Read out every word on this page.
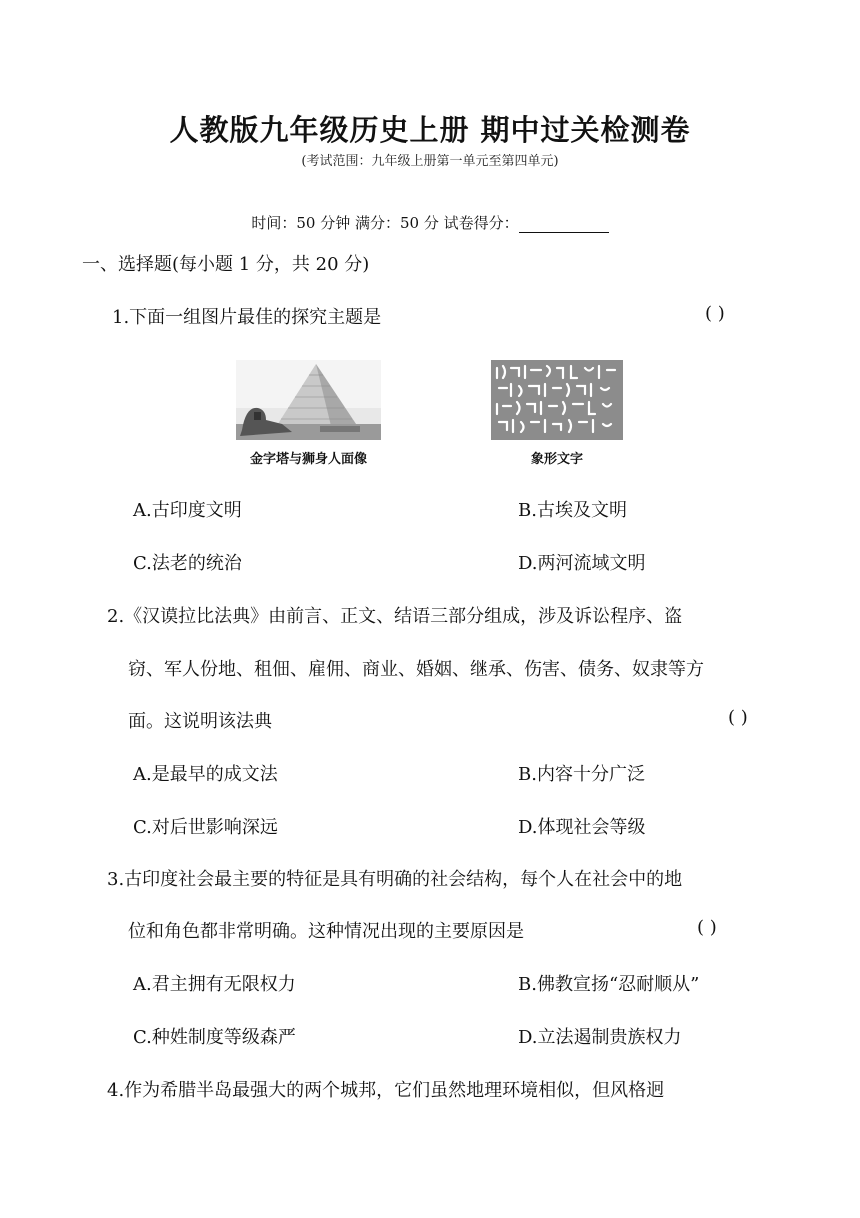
人教版九年级历史上册 期中过关检测卷
(考试范围：九年级上册第一单元至第四单元)
时间：50 分钟 满分：50 分 试卷得分：
一、选择题(每小题 1 分，共 20 分)
1.下面一组图片最佳的探究主题是	( )
金字塔与狮身人面像	象形文字
A.古印度文明	B.古埃及文明
C.法老的统治	D.两河流域文明
2.《汉谟拉比法典》由前言、正文、结语三部分组成，涉及诉讼程序、盗
窃、军人份地、租佃、雇佣、商业、婚姻、继承、伤害、债务、奴隶等方
面。这说明该法典	( )
A.是最早的成文法	B.内容十分广泛
C.对后世影响深远	D.体现社会等级
3.古印度社会最主要的特征是具有明确的社会结构，每个人在社会中的地
位和角色都非常明确。这种情况出现的主要原因是	( )
A.君主拥有无限权力	B.佛教宣扬“忍耐顺从”
C.种姓制度等级森严	D.立法遏制贵族权力
4.作为希腊半岛最强大的两个城邦，它们虽然地理环境相似，但风格迥
